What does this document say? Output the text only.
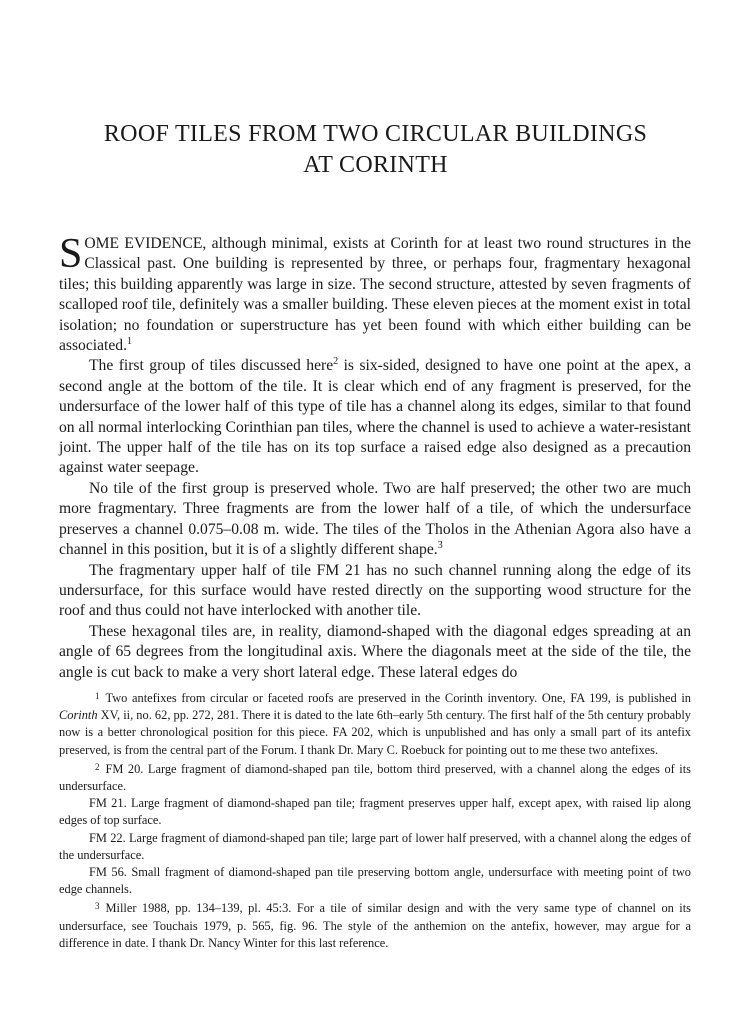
ROOF TILES FROM TWO CIRCULAR BUILDINGS
AT CORINTH

SOME EVIDENCE, although minimal, exists at Corinth for at least two round structures in the Classical past. One building is represented by three, or perhaps four, fragmentary hexagonal tiles; this building apparently was large in size. The second structure, attested by seven fragments of scalloped roof tile, definitely was a smaller building. These eleven pieces at the moment exist in total isolation; no foundation or superstructure has yet been found with which either building can be associated.$^1$

The first group of tiles discussed here$^2$ is six-sided, designed to have one point at the apex, a second angle at the bottom of the tile. It is clear which end of any fragment is preserved, for the undersurface of the lower half of this type of tile has a channel along its edges, similar to that found on all normal interlocking Corinthian pan tiles, where the channel is used to achieve a water-resistant joint. The upper half of the tile has on its top surface a raised edge also designed as a precaution against water seepage.

No tile of the first group is preserved whole. Two are half preserved; the other two are much more fragmentary. Three fragments are from the lower half of a tile, of which the undersurface preserves a channel 0.075–0.08 m. wide. The tiles of the Tholos in the Athenian Agora also have a channel in this position, but it is of a slightly different shape.$^3$

The fragmentary upper half of tile FM 21 has no such channel running along the edge of its undersurface, for this surface would have rested directly on the supporting wood structure for the roof and thus could not have interlocked with another tile.

These hexagonal tiles are, in reality, diamond-shaped with the diagonal edges spreading at an angle of 65 degrees from the longitudinal axis. Where the diagonals meet at the side of the tile, the angle is cut back to make a very short lateral edge. These lateral edges do

1 Two antefixes from circular or faceted roofs are preserved in the Corinth inventory. One, FA 199, is published in Corinth XV, ii, no. 62, pp. 272, 281. There it is dated to the late 6th–early 5th century. The first half of the 5th century probably now is a better chronological position for this piece. FA 202, which is unpublished and has only a small part of its antefix preserved, is from the central part of the Forum. I thank Dr. Mary C. Roebuck for pointing out to me these two antefixes.

2 FM 20. Large fragment of diamond-shaped pan tile, bottom third preserved, with a channel along the edges of its undersurface.

FM 21. Large fragment of diamond-shaped pan tile; fragment preserves upper half, except apex, with raised lip along edges of top surface.

FM 22. Large fragment of diamond-shaped pan tile; large part of lower half preserved, with a channel along the edges of the undersurface.

FM 56. Small fragment of diamond-shaped pan tile preserving bottom angle, undersurface with meeting point of two edge channels.

3 Miller 1988, pp. 134–139, pl. 45:3. For a tile of similar design and with the very same type of channel on its undersurface, see Touchais 1979, p. 565, fig. 96. The style of the anthemion on the antefix, however, may argue for a difference in date. I thank Dr. Nancy Winter for this last reference.
